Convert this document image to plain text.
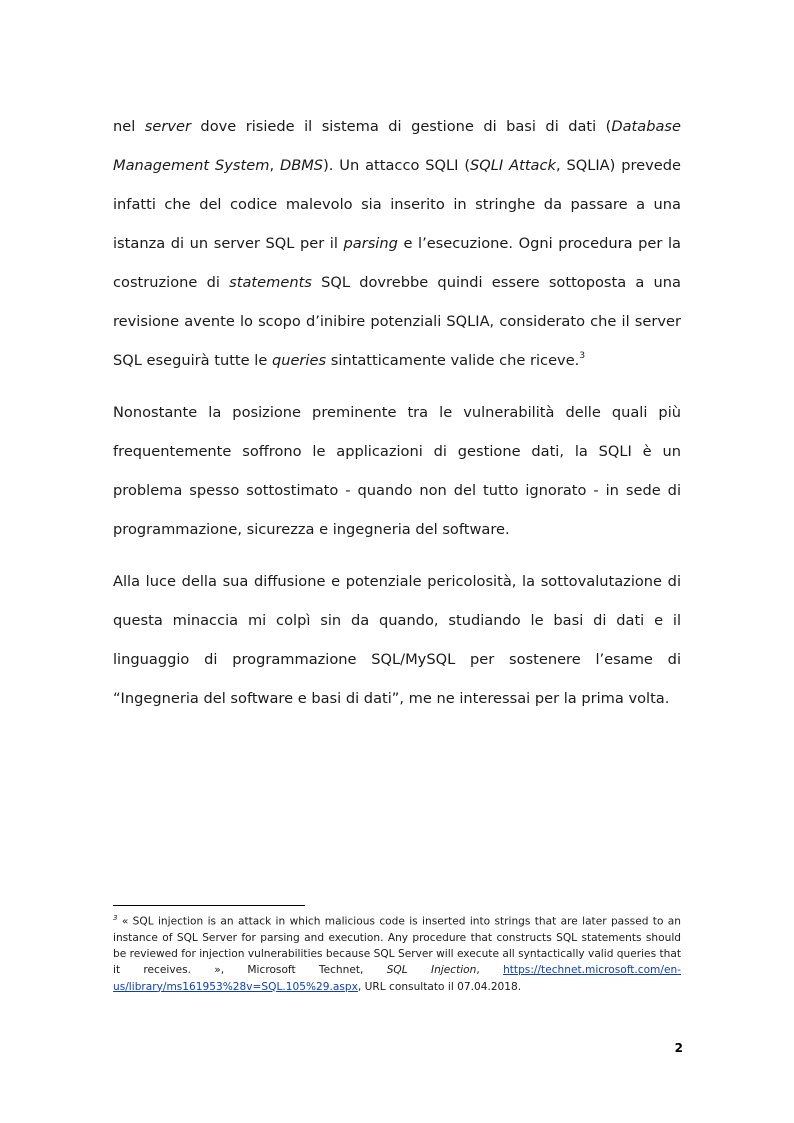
nel server dove risiede il sistema di gestione di basi di dati (Database Management System, DBMS). Un attacco SQLI (SQLI Attack, SQLIA) prevede infatti che del codice malevolo sia inserito in stringhe da passare a una istanza di un server SQL per il parsing e l’esecuzione. Ogni procedura per la costruzione di statements SQL dovrebbe quindi essere sottoposta a una revisione avente lo scopo d’inibire potenziali SQLIA, considerato che il server SQL eseguirà tutte le queries sintatticamente valide che riceve.$^3$

Nonostante la posizione preminente tra le vulnerabilità delle quali più frequentemente soffrono le applicazioni di gestione dati, la SQLI è un problema spesso sottostimato - quando non del tutto ignorato - in sede di programmazione, sicurezza e ingegneria del software.

Alla luce della sua diffusione e potenziale pericolosità, la sottovalutazione di questa minaccia mi colpì sin da quando, studiando le basi di dati e il linguaggio di programmazione SQL/MySQL per sostenere l’esame di “Ingegneria del software e basi di dati”, me ne interessai per la prima volta.

$^3$ « SQL injection is an attack in which malicious code is inserted into strings that are later passed to an instance of SQL Server for parsing and execution. Any procedure that constructs SQL statements should be reviewed for injection vulnerabilities because SQL Server will execute all syntactically valid queries that it receives. », Microsoft Technet, SQL Injection, https://technet.microsoft.com/en-us/library/ms161953%28v=SQL.105%29.aspx, URL consultato il 07.04.2018.
2
